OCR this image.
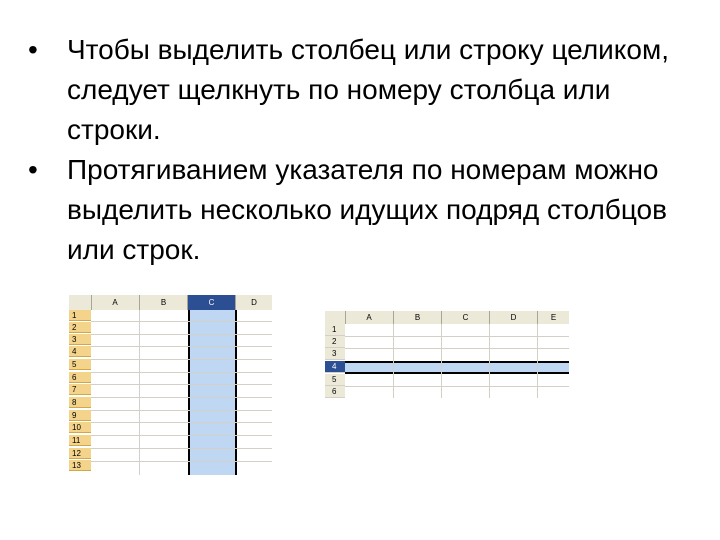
•	Чтобы выделить столбец или строку целиком, следует щелкнуть по номеру столбца или строки.
•	Протягиванием указателя по номерам можно выделить несколько идущих подряд столбцов или строк.
A	B	C	D
1
2
3
4
5
6
7
8
9
10
11
12
13
A	B	C	D	E
1
2
3
4
5
6
